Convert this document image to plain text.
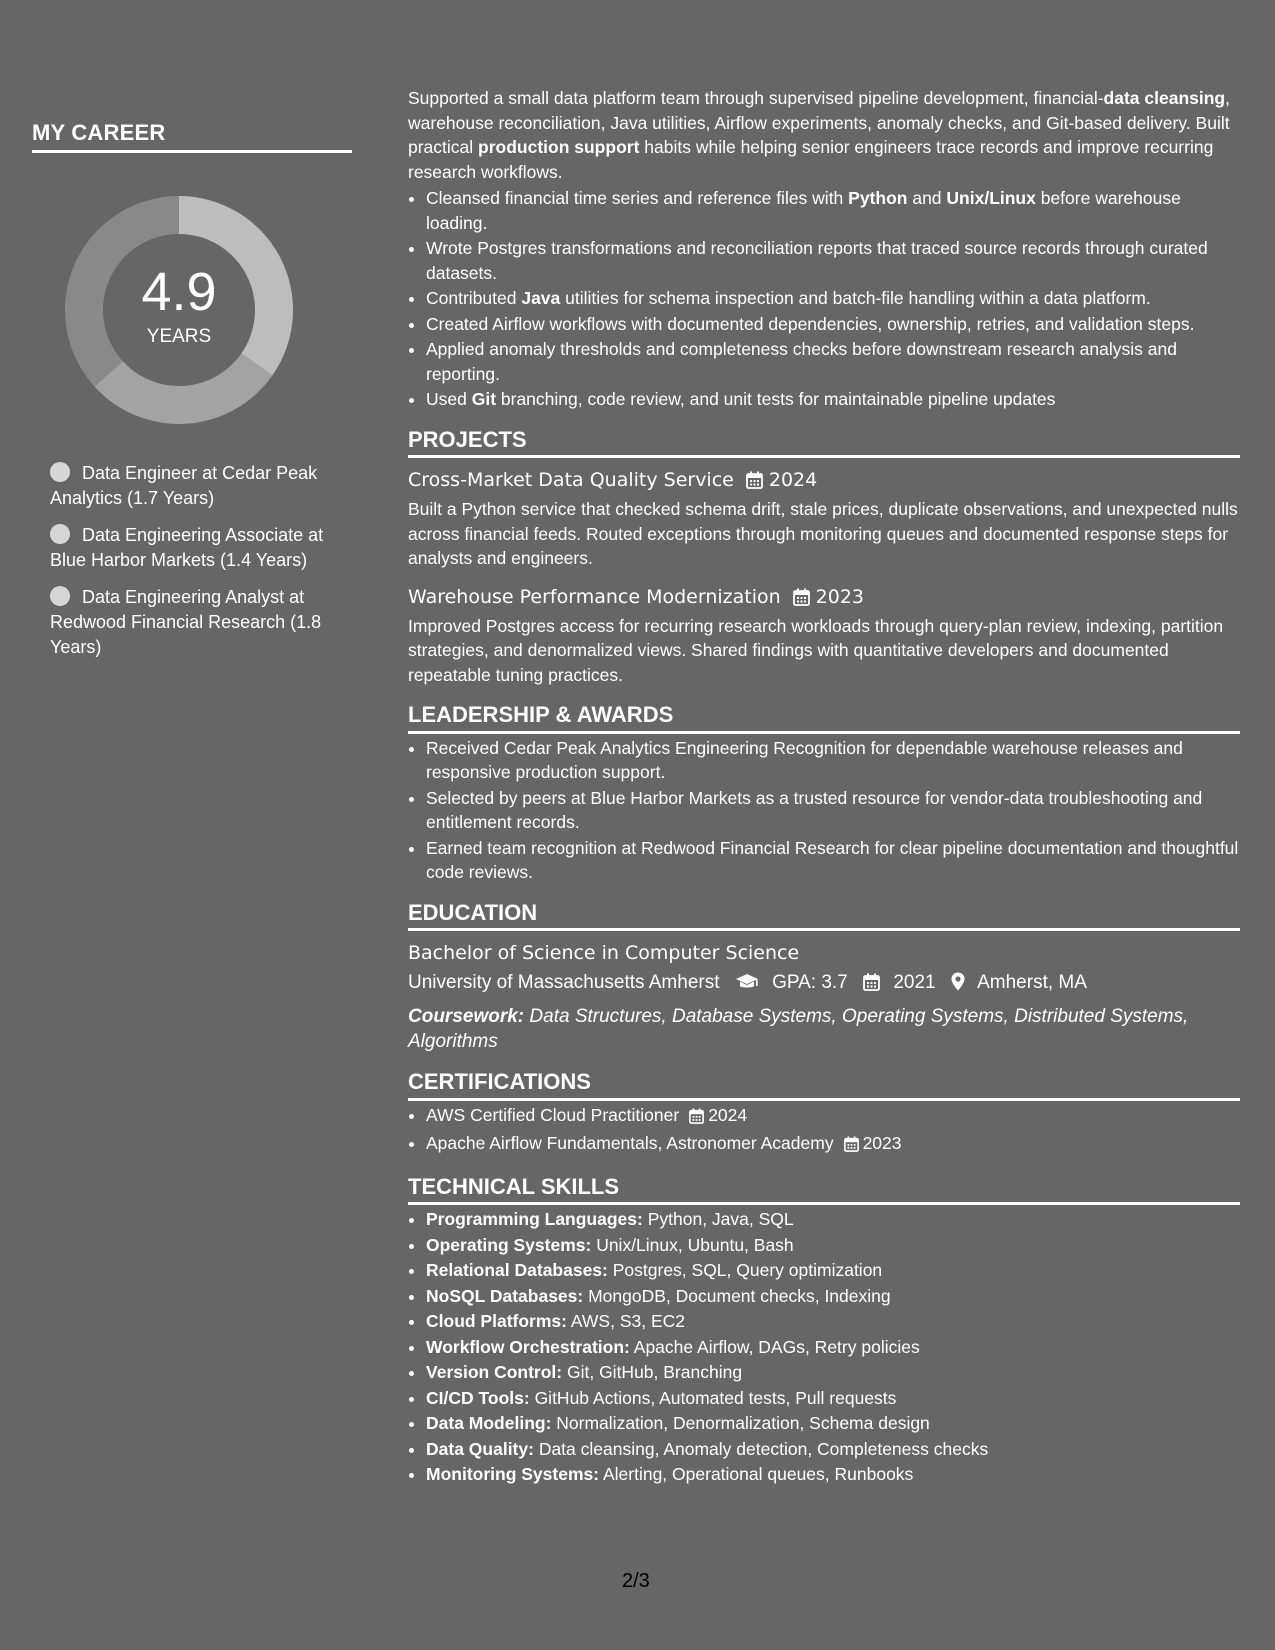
MY CAREER
4.9
YEARS
Data Engineer at Cedar Peak Analytics (1.7 Years)
Data Engineering Associate at Blue Harbor Markets (1.4 Years)
Data Engineering Analyst at Redwood Financial Research (1.8 Years)

Supported a small data platform team through supervised pipeline development, financial-data cleansing, warehouse reconciliation, Java utilities, Airflow experiments, anomaly checks, and Git-based delivery. Built practical production support habits while helping senior engineers trace records and improve recurring research workflows.

• Cleansed financial time series and reference files with Python and Unix/Linux before warehouse loading.
• Wrote Postgres transformations and reconciliation reports that traced source records through curated datasets.
• Contributed Java utilities for schema inspection and batch-file handling within a data platform.
• Created Airflow workflows with documented dependencies, ownership, retries, and validation steps.
• Applied anomaly thresholds and completeness checks before downstream research analysis and reporting.
• Used Git branching, code review, and unit tests for maintainable pipeline updates
PROJECTS
Cross-Market Data Quality Service 2024

Built a Python service that checked schema drift, stale prices, duplicate observations, and unexpected nulls across financial feeds. Routed exceptions through monitoring queues and documented response steps for analysts and engineers.

Warehouse Performance Modernization 2023

Improved Postgres access for recurring research workloads through query-plan review, indexing, partition strategies, and denormalized views. Shared findings with quantitative developers and documented repeatable tuning practices.

LEADERSHIP & AWARDS
• Received Cedar Peak Analytics Engineering Recognition for dependable warehouse releases and responsive production support.
• Selected by peers at Blue Harbor Markets as a trusted resource for vendor-data troubleshooting and entitlement records.
• Earned team recognition at Redwood Financial Research for clear pipeline documentation and thoughtful code reviews.
EDUCATION
Bachelor of Science in Computer Science
University of Massachusetts Amherst	GPA: 3.7 2021 Amherst, MA
Coursework: Data Structures, Database Systems, Operating Systems, Distributed Systems, Algorithms
CERTIFICATIONS
• AWS Certified Cloud Practitioner 2024
• Apache Airflow Fundamentals, Astronomer Academy 2023
TECHNICAL SKILLS
• Programming Languages: Python, Java, SQL
• Operating Systems: Unix/Linux, Ubuntu, Bash
• Relational Databases: Postgres, SQL, Query optimization
• NoSQL Databases: MongoDB, Document checks, Indexing
• Cloud Platforms: AWS, S3, EC2
• Workflow Orchestration: Apache Airflow, DAGs, Retry policies
• Version Control: Git, GitHub, Branching
• CI/CD Tools: GitHub Actions, Automated tests, Pull requests
• Data Modeling: Normalization, Denormalization, Schema design
• Data Quality: Data cleansing, Anomaly detection, Completeness checks
• Monitoring Systems: Alerting, Operational queues, Runbooks
2/3
